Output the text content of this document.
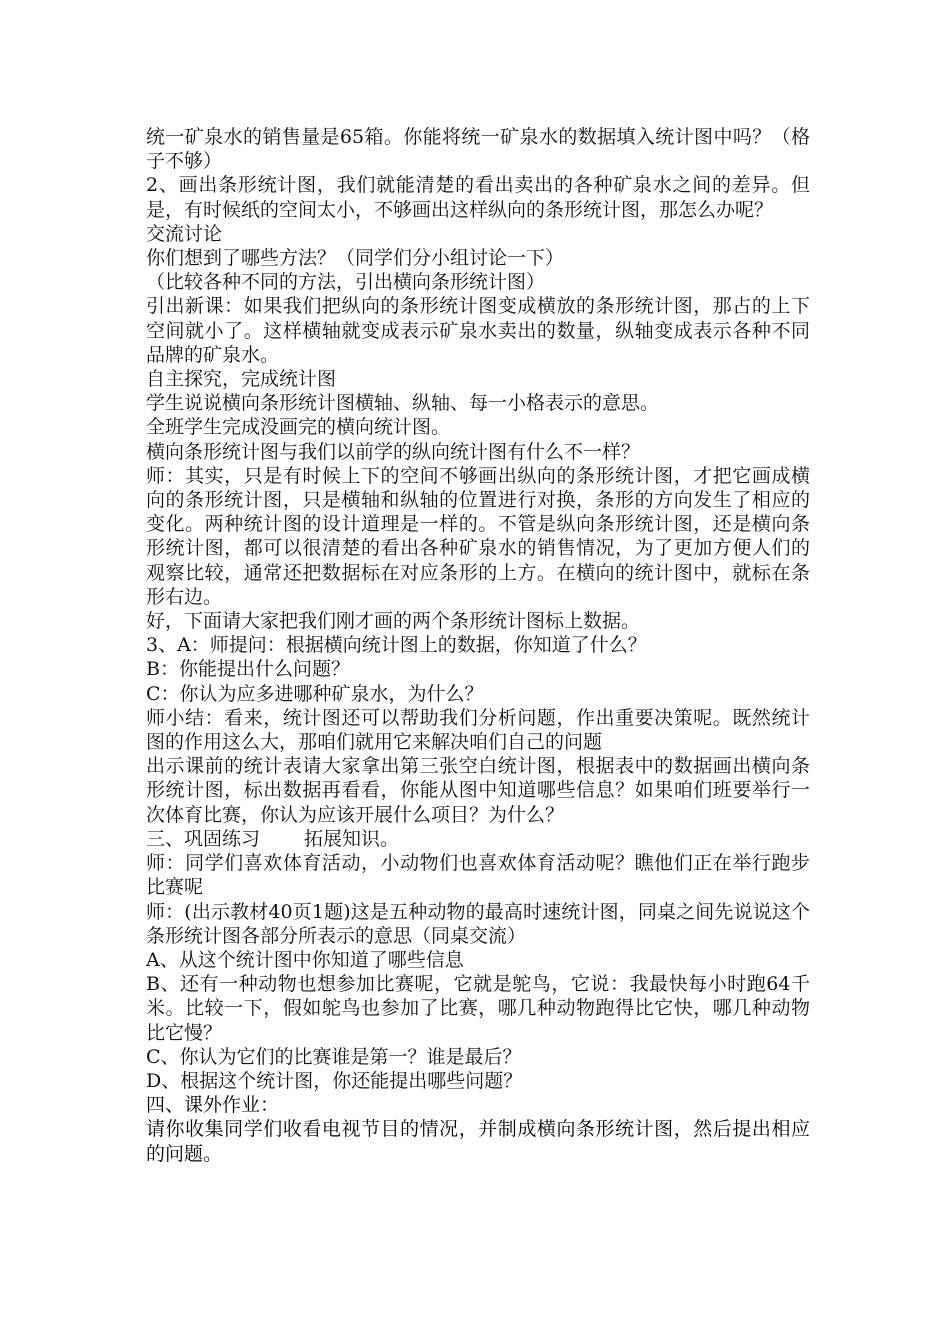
统一矿泉水的销售量是65箱。你能将统一矿泉水的数据填入统计图中吗？（格子不够）

2、画出条形统计图，我们就能清楚的看出卖出的各种矿泉水之间的差异。但是，有时候纸的空间太小，不够画出这样纵向的条形统计图，那怎么办呢？

交流讨论

你们想到了哪些方法？（同学们分小组讨论一下）

（比较各种不同的方法，引出横向条形统计图）

引出新课：如果我们把纵向的条形统计图变成横放的条形统计图，那占的上下空间就小了。这样横轴就变成表示矿泉水卖出的数量，纵轴变成表示各种不同品牌的矿泉水。

自主探究，完成统计图

学生说说横向条形统计图横轴、纵轴、每一小格表示的意思。

全班学生完成没画完的横向统计图。

横向条形统计图与我们以前学的纵向统计图有什么不一样？

师：其实，只是有时候上下的空间不够画出纵向的条形统计图，才把它画成横向的条形统计图，只是横轴和纵轴的位置进行对换，条形的方向发生了相应的变化。两种统计图的设计道理是一样的。不管是纵向条形统计图，还是横向条形统计图，都可以很清楚的看出各种矿泉水的销售情况，为了更加方便人们的观察比较，通常还把数据标在对应条形的上方。在横向的统计图中，就标在条形右边。

好，下面请大家把我们刚才画的两个条形统计图标上数据。

3、A：师提问：根据横向统计图上的数据，你知道了什么？

B：你能提出什么问题？

C：你认为应多进哪种矿泉水，为什么？

师小结：看来，统计图还可以帮助我们分析问题，作出重要决策呢。既然统计图的作用这么大，那咱们就用它来解决咱们自己的问题

出示课前的统计表请大家拿出第三张空白统计图，根据表中的数据画出横向条形统计图，标出数据再看看，你能从图中知道哪些信息？如果咱们班要举行一次体育比赛，你认为应该开展什么项目？为什么？

三、巩固练习 拓展知识。

师：同学们喜欢体育活动，小动物们也喜欢体育活动呢？瞧他们正在举行跑步比赛呢

师：(出示教材40页1题)这是五种动物的最高时速统计图，同桌之间先说说这个条形统计图各部分所表示的意思（同桌交流）

A、从这个统计图中你知道了哪些信息

B、还有一种动物也想参加比赛呢，它就是鸵鸟，它说：我最快每小时跑64千米。比较一下，假如鸵鸟也参加了比赛，哪几种动物跑得比它快，哪几种动物比它慢？

C、你认为它们的比赛谁是第一？谁是最后？

D、根据这个统计图，你还能提出哪些问题？

四、课外作业：

请你收集同学们收看电视节目的情况，并制成横向条形统计图，然后提出相应的问题。
